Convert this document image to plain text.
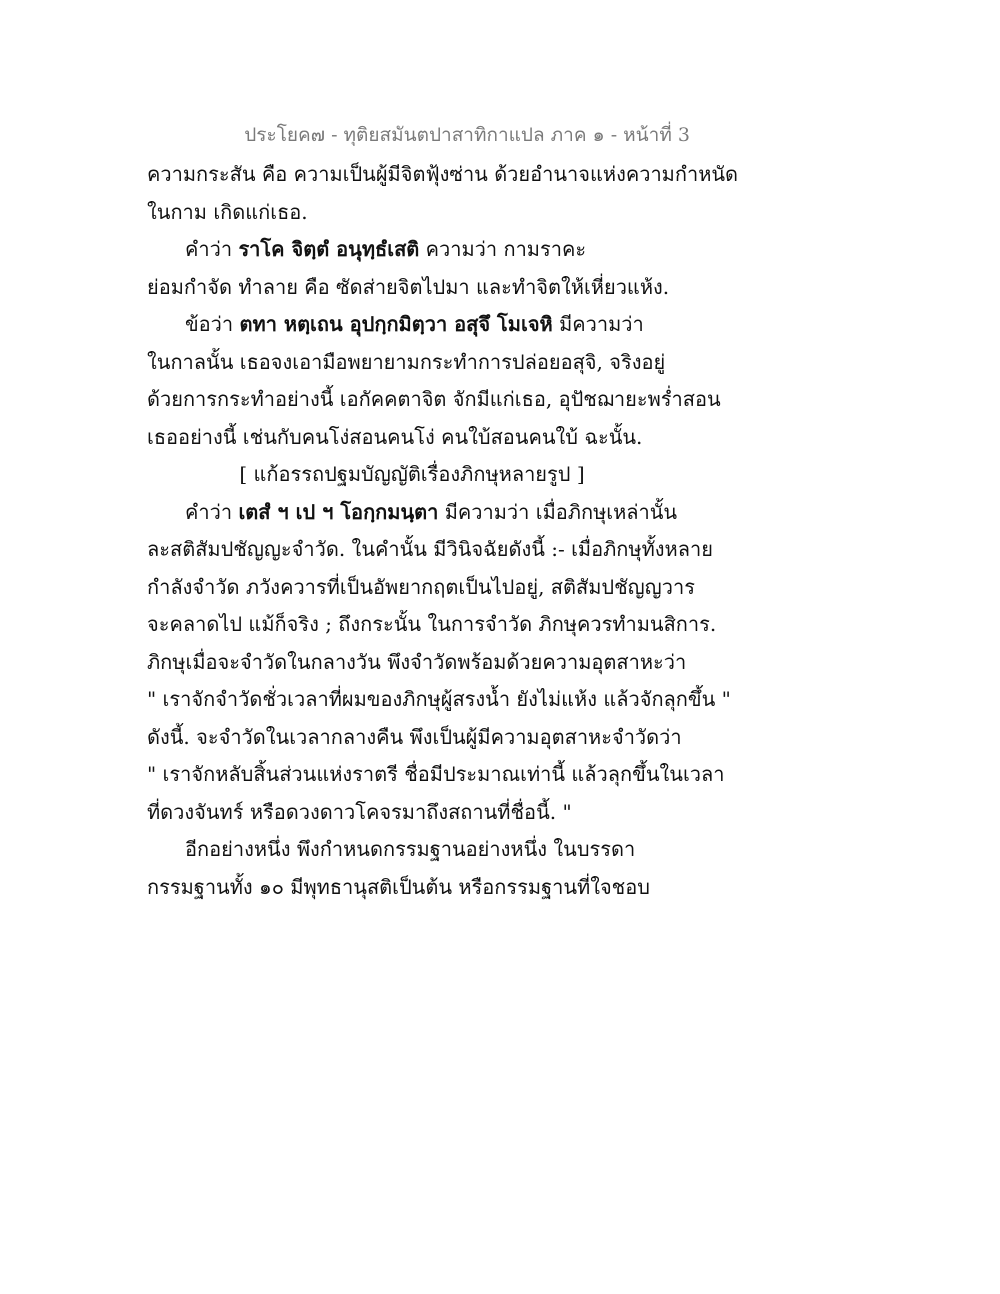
ประโยค๗ - ทุติยสมันตปาสาทิกาแปล ภาค ๑ - หน้าที่ 3
ความกระสัน คือ ความเป็นผู้มีจิตฟุ้งซ่าน ด้วยอำนาจแห่งความกำหนัด
ในกาม เกิดแก่เธอ.
คำว่า ราโค จิตฺตํ อนุทฺธํเสติ ความว่า กามราคะ
ย่อมกำจัด ทำลาย คือ ซัดส่ายจิตไปมา และทำจิตให้เหี่ยวแห้ง.
ข้อว่า ตทา หตฺเถน อุปกฺกมิตฺวา อสุจึ โมเจหิ มีความว่า
ในกาลนั้น เธอจงเอามือพยายามกระทำการปล่อยอสุจิ, จริงอยู่
ด้วยการกระทำอย่างนี้ เอกัคคตาจิต จักมีแก่เธอ, อุปัชฌายะพร่ำสอน
เธออย่างนี้ เช่นกับคนโง่สอนคนโง่ คนใบ้สอนคนใบ้ ฉะนั้น.
[ แก้อรรถปฐมบัญญัติเรื่องภิกษุหลายรูป ]
คำว่า เตสํ ฯ เป ฯ โอกฺกมนฺตา มีความว่า เมื่อภิกษุเหล่านั้น
ละสติสัมปชัญญะจำวัด. ในคำนั้น มีวินิจฉัยดังนี้ :- เมื่อภิกษุทั้งหลาย
กำลังจำวัด ภวังควารที่เป็นอัพยากฤตเป็นไปอยู่, สติสัมปชัญญวาร
จะคลาดไป แม้ก็จริง ; ถึงกระนั้น ในการจำวัด ภิกษุควรทำมนสิการ.
ภิกษุเมื่อจะจำวัดในกลางวัน พึงจำวัดพร้อมด้วยความอุตสาหะว่า
" เราจักจำวัดชั่วเวลาที่ผมของภิกษุผู้สรงน้ำ ยังไม่แห้ง แล้วจักลุกขึ้น "
ดังนี้. จะจำวัดในเวลากลางคืน พึงเป็นผู้มีความอุตสาหะจำวัดว่า
" เราจักหลับสิ้นส่วนแห่งราตรี ชื่อมีประมาณเท่านี้ แล้วลุกขึ้นในเวลา
ที่ดวงจันทร์ หรือดวงดาวโคจรมาถึงสถานที่ชื่อนี้. "
อีกอย่างหนึ่ง พึงกำหนดกรรมฐานอย่างหนึ่ง ในบรรดา
กรรมฐานทั้ง ๑๐ มีพุทธานุสติเป็นต้น หรือกรรมฐานที่ใจชอบ
